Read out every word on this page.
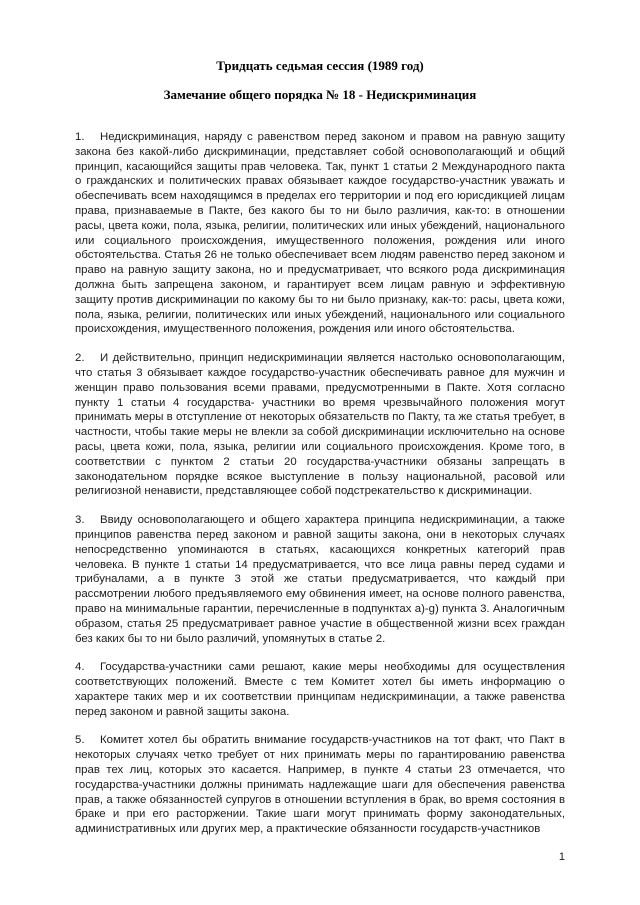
Тридцать седьмая сессия (1989 год)
Замечание общего порядка № 18 - Недискриминация

1. Недискриминация, наряду с равенством перед законом и правом на равную защиту закона без какой-либо дискриминации, представляет собой основополагающий и общий принцип, касающийся защиты прав человека. Так, пункт 1 статьи 2 Международного пакта о гражданских и политических правах обязывает каждое государство-участник уважать и обеспечивать всем находящимся в пределах его территории и под его юрисдикцией лицам права, признаваемые в Пакте, без какого бы то ни было различия, как-то: в отношении расы, цвета кожи, пола, языка, религии, политических или иных убеждений, национального или социального происхождения, имущественного положения, рождения или иного обстоятельства. Статья 26 не только обеспечивает всем людям равенство перед законом и право на равную защиту закона, но и предусматривает, что всякого рода дискриминация должна быть запрещена законом, и гарантирует всем лицам равную и эффективную защиту против дискриминации по какому бы то ни было признаку, как-то: расы, цвета кожи, пола, языка, религии, политических или иных убеждений, национального или социального происхождения, имущественного положения, рождения или иного обстоятельства.

2. И действительно, принцип недискриминации является настолько основополагающим, что статья 3 обязывает каждое государство-участник обеспечивать равное для мужчин и женщин право пользования всеми правами, предусмотренными в Пакте. Хотя согласно пункту 1 статьи 4 государства- участники во время чрезвычайного положения могут принимать меры в отступление от некоторых обязательств по Пакту, та же статья требует, в частности, чтобы такие меры не влекли за собой дискриминации исключительно на основе расы, цвета кожи, пола, языка, религии или социального происхождения. Кроме того, в соответствии с пунктом 2 статьи 20 государства-участники обязаны запрещать в законодательном порядке всякое выступление в пользу национальной, расовой или религиозной ненависти, представляющее собой подстрекательство к дискриминации.

3. Ввиду основополагающего и общего характера принципа недискриминации, а также принципов равенства перед законом и равной защиты закона, они в некоторых случаях непосредственно упоминаются в статьях, касающихся конкретных категорий прав человека. В пункте 1 статьи 14 предусматривается, что все лица равны перед судами и трибуналами, а в пункте 3 этой же статьи предусматривается, что каждый при рассмотрении любого предъявляемого ему обвинения имеет, на основе полного равенства, право на минимальные гарантии, перечисленные в подпунктах a)-g) пункта 3. Аналогичным образом, статья 25 предусматривает равное участие в общественной жизни всех граждан без каких бы то ни было различий, упомянутых в статье 2.

4. Государства-участники сами решают, какие меры необходимы для осуществления соответствующих положений. Вместе с тем Комитет хотел бы иметь информацию о характере таких мер и их соответствии принципам недискриминации, а также равенства перед законом и равной защиты закона.

5. Комитет хотел бы обратить внимание государств-участников на тот факт, что Пакт в некоторых случаях четко требует от них принимать меры по гарантированию равенства прав тех лиц, которых это касается. Например, в пункте 4 статьи 23 отмечается, что государства-участники должны принимать надлежащие шаги для обеспечения равенства прав, а также обязанностей супругов в отношении вступления в брак, во время состояния в браке и при его расторжении. Такие шаги могут принимать форму законодательных, административных или других мер, а практические обязанности государств-участников

1
